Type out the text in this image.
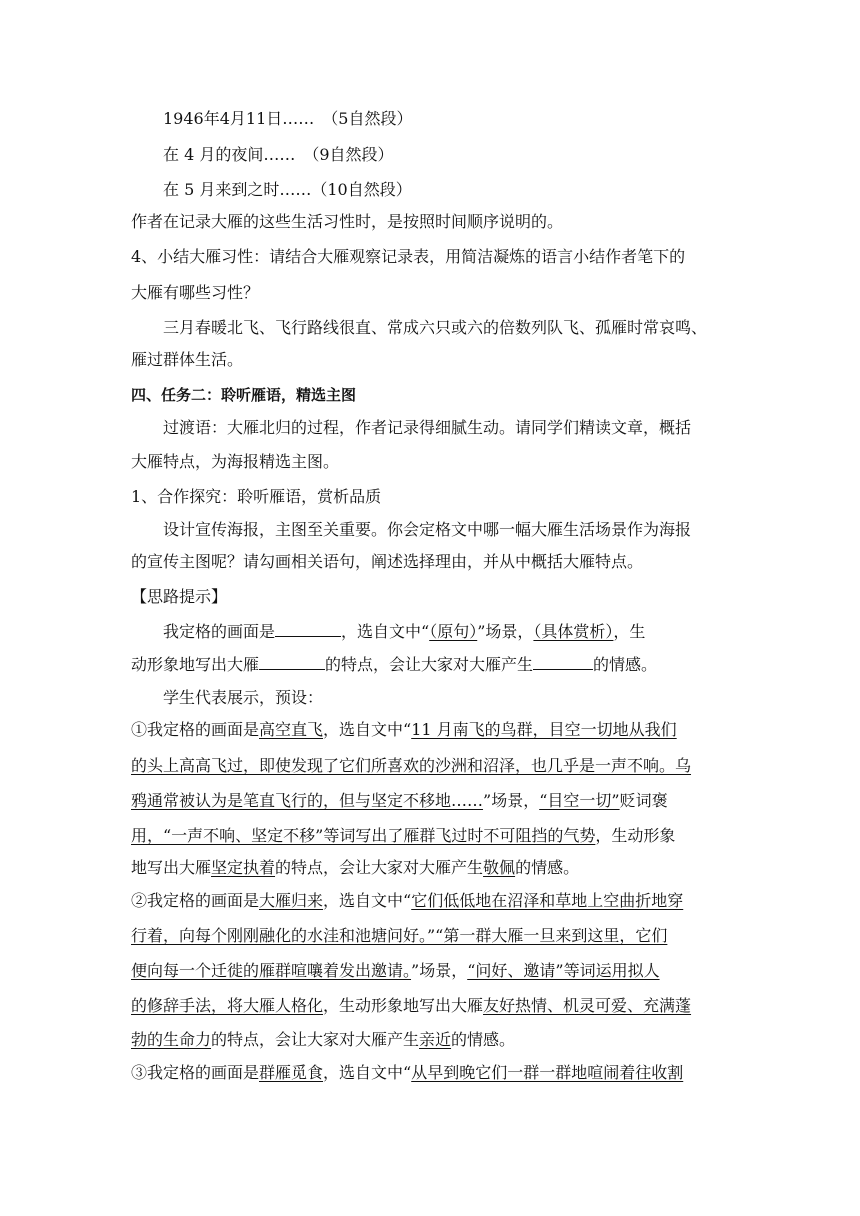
1946年4月11日……　（5自然段）
在 4 月的夜间……　（9自然段）
在 5 月来到之时……（10自然段）
作者在记录大雁的这些生活习性时，是按照时间顺序说明的。
4、小结大雁习性：请结合大雁观察记录表，用简洁凝炼的语言小结作者笔下的
大雁有哪些习性？
三月春暖北飞、飞行路线很直、常成六只或六的倍数列队飞、孤雁时常哀鸣、
雁过群体生活。
四、任务二：聆听雁语，精选主图
过渡语：大雁北归的过程，作者记录得细腻生动。请同学们精读文章，概括
大雁特点，为海报精选主图。
1、合作探究：聆听雁语，赏析品质
设计宣传海报，主图至关重要。你会定格文中哪一幅大雁生活场景作为海报
的宣传主图呢？请勾画相关语句，阐述选择理由，并从中概括大雁特点。
【思路提示】
我定格的画面是	，选自文中“（原句）”场景，（具体赏析），生
动形象地写出大雁	的特点，会让大家对大雁产生	的情感。
学生代表展示，预设：
①我定格的画面是高空直飞，选自文中“11 月南飞的鸟群，目空一切地从我们
的头上高高飞过，即使发现了它们所喜欢的沙洲和沼泽，也几乎是一声不响。乌
鸦通常被认为是笔直飞行的，但与坚定不移地……”场景，“目空一切”贬词褒
用，“一声不响、坚定不移”等词写出了雁群飞过时不可阻挡的气势，生动形象
地写出大雁坚定执着的特点，会让大家对大雁产生敬佩的情感。
②我定格的画面是大雁归来，选自文中“它们低低地在沼泽和草地上空曲折地穿
行着，向每个刚刚融化的水洼和池塘问好。”“第一群大雁一旦来到这里，它们
便向每一个迁徙的雁群喧嚷着发出邀请。”场景，“问好、邀请”等词运用拟人
的修辞手法，将大雁人格化，生动形象地写出大雁友好热情、机灵可爱、充满蓬
勃的生命力的特点，会让大家对大雁产生亲近的情感。
③我定格的画面是群雁觅食，选自文中“从早到晚它们一群一群地喧闹着往收割
